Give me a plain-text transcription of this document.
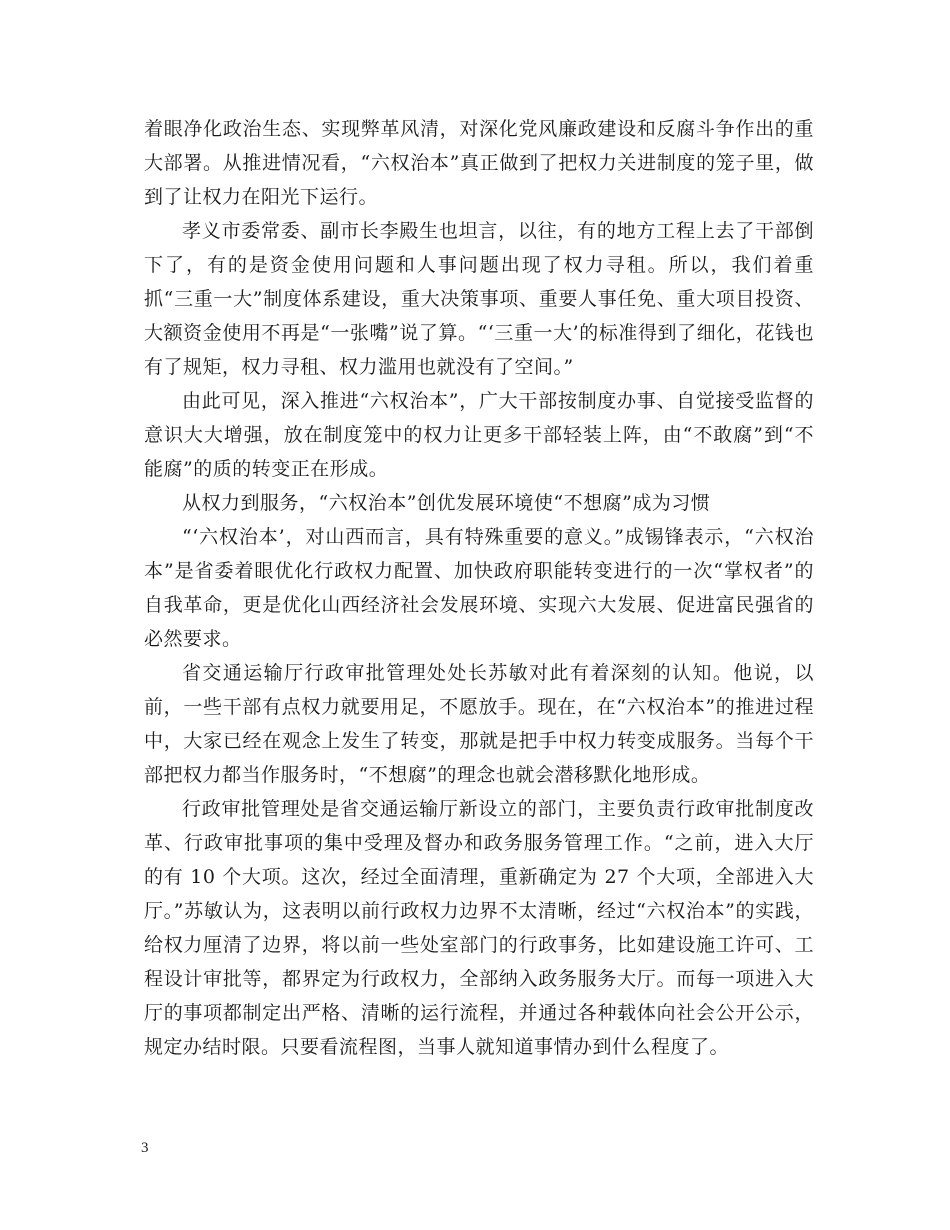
着眼净化政治生态、实现弊革风清，对深化党风廉政建设和反腐斗争作出的重大部署。从推进情况看，“六权治本”真正做到了把权力关进制度的笼子里，做到了让权力在阳光下运行。

孝义市委常委、副市长李殿生也坦言，以往，有的地方工程上去了干部倒下了，有的是资金使用问题和人事问题出现了权力寻租。所以，我们着重抓“三重一大”制度体系建设，重大决策事项、重要人事任免、重大项目投资、大额资金使用不再是“一张嘴”说了算。“‘三重一大’的标准得到了细化，花钱也有了规矩，权力寻租、权力滥用也就没有了空间。”

由此可见，深入推进“六权治本”，广大干部按制度办事、自觉接受监督的意识大大增强，放在制度笼中的权力让更多干部轻装上阵，由“不敢腐”到“不能腐”的质的转变正在形成。

从权力到服务，“六权治本”创优发展环境使“不想腐”成为习惯

“‘六权治本’，对山西而言，具有特殊重要的意义。”成锡锋表示，“六权治本”是省委着眼优化行政权力配置、加快政府职能转变进行的一次“掌权者”的自我革命，更是优化山西经济社会发展环境、实现六大发展、促进富民强省的必然要求。

省交通运输厅行政审批管理处处长苏敏对此有着深刻的认知。他说，以前，一些干部有点权力就要用足，不愿放手。现在，在“六权治本”的推进过程中，大家已经在观念上发生了转变，那就是把手中权力转变成服务。当每个干部把权力都当作服务时，“不想腐”的理念也就会潜移默化地形成。

行政审批管理处是省交通运输厅新设立的部门，主要负责行政审批制度改革、行政审批事项的集中受理及督办和政务服务管理工作。“之前，进入大厅的有 10 个大项。这次，经过全面清理，重新确定为 27 个大项，全部进入大厅。”苏敏认为，这表明以前行政权力边界不太清晰，经过“六权治本”的实践，给权力厘清了边界，将以前一些处室部门的行政事务，比如建设施工许可、工程设计审批等，都界定为行政权力，全部纳入政务服务大厅。而每一项进入大厅的事项都制定出严格、清晰的运行流程，并通过各种载体向社会公开公示，规定办结时限。只要看流程图，当事人就知道事情办到什么程度了。

3
